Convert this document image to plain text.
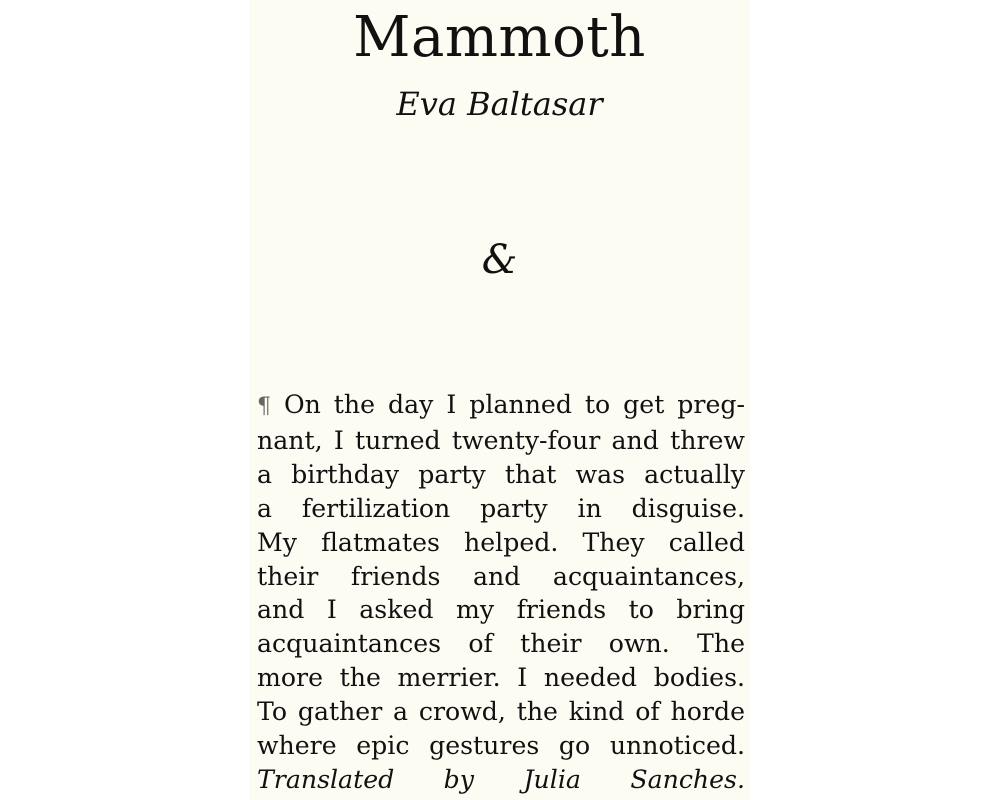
Mammoth
Eva Baltasar
&
¶ On the day I planned to get preg-
nant, I turned twenty-four and threw
a birthday party that was actually
a fertilization party in disguise.
My flatmates helped. They called
their friends and acquaintances,
and I asked my friends to bring
acquaintances of their own. The
more the merrier. I needed bodies.
To gather a crowd, the kind of horde
where epic gestures go unnoticed.
Translated by Julia Sanches.
